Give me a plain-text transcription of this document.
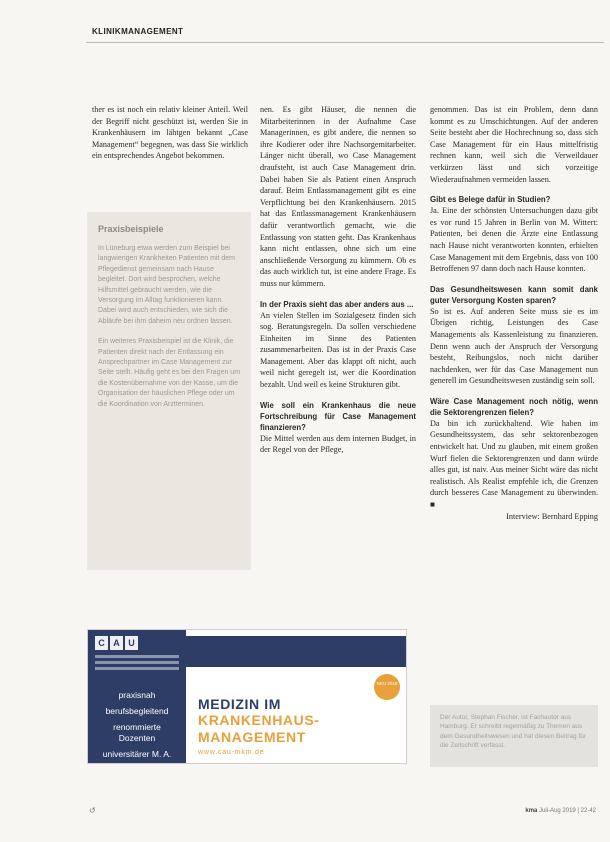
KLINIKMANAGEMENT

ther es ist noch ein relativ kleiner Anteil. Weil der Begriff nicht geschützt ist, werden Sie in Krankenhäusern im lähtgen bekannt „Case Management“ begegnen, was dass Sie wirklich ein entsprechendes Angebot bekommen.

Praxisbeispiele

In Lüneburg etwa werden zum Beispiel bei langwierigen Krankheiten Patienten mit dem Pflegedienst gemeinsam nach Hause begleitet. Dort wird besprochen, welche Hilfsmittel gebraucht werden, wie die Versorgung im Alltag funktionieren kann. Dabei wird auch entschieden, wie sich die Abläufe bei ihm daheim neu ordnen lassen.

Ein weiteres Praxisbeispiel ist die Klinik, die Patienten direkt nach der Entlassung ein Ansprechpartner im Case Management zur Seite stellt. Häufig geht es bei den Fragen um die Kostenübernahme von der Kasse, um die Organisation der häuslichen Pflege oder um die Koordination von Arztterminen.

nen. Es gibt Häuser, die nennen die Mitarbeiterinnen in der Aufnahme Case Managerinnen, es gibt andere, die nennen so ihre Kodierer oder ihre Nachsorgemitarbeiter. Länger nicht überall, wo Case Management draufsteht, ist auch Case Management drin. Dabei haben Sie als Patient einen Anspruch darauf. Beim Entlassmanagement gibt es eine Verpflichtung bei den Krankenhäusern. 2015 hat das Entlassmanagement Krankenhäusern dafür verantwortlich gemacht, wie die Entlassung von statten geht. Das Krankenhaus kann nicht entlassen, ohne sich um eine anschließende Versorgung zu kümmern. Ob es das auch wirklich tut, ist eine andere Frage. Es muss nur kümmern.

In der Praxis sieht das aber anders aus ...

An vielen Stellen im Sozialgesetz finden sich sog. Beratungsregeln. Da sollen verschiedene Einheiten im Sinne des Patienten zusammenarbeiten. Das ist in der Praxis Case Management. Aber das klappt oft nicht, auch weil nicht geregelt ist, wer die Koordination bezahlt. Und weil es keine Strukturen gibt.

Wie soll ein Krankenhaus die neue Fortschreibung für Case Management finanzieren?

Die Mittel werden aus dem internen Budget, in der Regel von der Pflege,

genommen. Das ist ein Problem, denn dann kommt es zu Umschichtungen. Auf der anderen Seite besteht aber die Hochrechnung so, dass sich Case Management für ein Haus mittelfristig rechnen kann, weil sich die Verweildauer verkürzen lässt und sich vorzeitige Wiederaufnahmen vermeiden lassen.

Gibt es Belege dafür in Studien?

Ja. Eine der schönsten Untersuchungen dazu gibt es vor rund 15 Jahren in Berlin von M. Wittert: Patienten, bei denen die Ärzte eine Entlassung nach Hause nicht verantworten konnten, erhielten Case Management mit dem Ergebnis, dass von 100 Betroffenen 97 dann doch nach Hause konnten.

Das Gesundheitswesen kann somit dank guter Versorgung Kosten sparen?

So ist es. Auf anderen Seite muss sie es im Übrigen richtig, Leistungen des Case Managements als Kassenleistung zu finanzieren. Denn wenn auch der Anspruch der Versorgung besteht, Reibungslos, noch nicht darüber nachdenken, wer für das Case Management nun generell im Gesundheitswesen zuständig sein soll.

Wäre Case Management noch nötig, wenn die Sektorengrenzen fielen?

Da bin ich zurückhaltend. Wie haben im Gesundheitssystem, das sehr sektorenbezogen entwickelt hat. Und zu glauben, mit einem großen Wurf fielen die Sektorengrenzen und dann würde alles gut, ist naiv. Aus meiner Sicht wäre das nicht realistisch. Als Realist empfehle ich, die Grenzen durch besseres Case Management zu überwinden. ■

Interview: Bernhard Epping

C A U
praxisnah
berufsbegleitend
renommierte Dozenten
universitärer M. A.
NEU 2019
MEDIZIN IM
KRANKENHAUS-MANAGEMENT
www.cau-mkm.de

Der Autor, Stephan Fischer, ist Fachautor aus Hamburg. Er schreibt regelmäßig zu Themen aus dem Gesundheitswesen und hat diesen Beitrag für die Zeitschrift verfasst.

↺	kma Juli-Aug 2019 | 22-42
